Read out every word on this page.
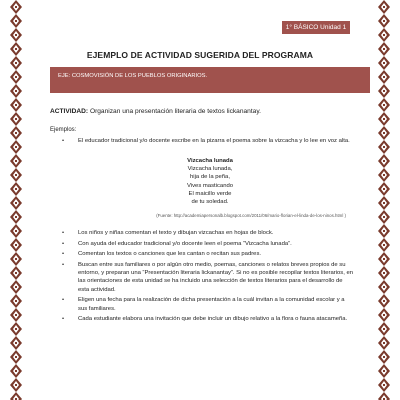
1° BÁSICO Unidad 1
EJEMPLO DE ACTIVIDAD SUGERIDA DEL PROGRAMA
EJE: COSMOVISIÓN DE LOS PUEBLOS ORIGINARIOS.
ACTIVIDAD: Organizan una presentación literaria de textos lickanantay.
Ejemplos:
• El educador tradicional y/o docente escribe en la pizarra el poema sobre la vizcacha y lo lee en voz alta.
Vizcacha lunada
Vizcacha lunada,
hija de la peña,
Vives masticando
El maicillo verde
de tu soledad.
(Fuente: http://academiapersonalb.blogspot.com/2011/06/mario-florian-el-linda-de-los-ninos.html )
• Los niños y niñas comentan el texto y dibujan vizcachas en hojas de block.
• Con ayuda del educador tradicional y/o docente leen el poema “Vizcacha lunada”.
• Comentan los textos o canciones que les cantan o recitan sus padres.
• Buscan entre sus familiares o por algún otro medio, poemas, canciones o relatos breves propios de su entorno, y preparan una “Presentación literaria lickanantay”. Si no es posible recopilar textos literarios, en las orientaciones de esta unidad se ha incluido una selección de textos literarios para el desarrollo de esta actividad.
• Eligen una fecha para la realización de dicha presentación a la cuál invitan a la comunidad escolar y a sus familiares.
• Cada estudiante elabora una invitación que debe incluir un dibujo relativo a la flora o fauna atacameña.
